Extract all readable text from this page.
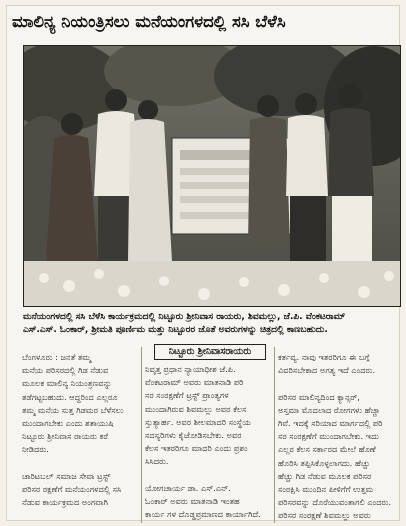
ಮಾಲಿನ್ಯ ನಿಯಂತ್ರಿಸಲು ಮನೆಯಂಗಳದಲ್ಲಿ ಸಸಿ ಬೆಳೆಸಿ
ಮನೆಯಂಗಳದಲ್ಲಿ ಸಸಿ ಬೆಳೆಸಿ ಕಾರ್ಯಕ್ರಮದಲ್ಲಿ ನಿಟ್ಟೂರು ಶ್ರೀನಿವಾಸ ರಾಯರು, ಶಿವಮಲ್ಲು, ಜೆ.ಪಿ. ವೆಂಕಟರಾಮ್
ಎಸ್.ಎಸ್. ಓಂಕಾರ್, ಶ್ರೀಮತಿ ಪೂರ್ಣಿಮ ಮತ್ತು ನಿಟ್ಟೂರರ ಜೊತೆ ಅವರುಗಳನ್ನು ಚಿತ್ರದಲ್ಲಿ ಕಾಣಬಹುದು.
ನಿಟ್ಟೂರು ಶ್ರೀನಿವಾಸರಾಯರು
ಬೆಂಗಳೂರು : ಜನತೆ ತಮ್ಮ
ಮನೆಯ ಪರಿಸರದಲ್ಲಿ ಗಿಡ ನೆಡುವ
ಮೂಲಕ ಮಾಲಿನ್ಯ ನಿಯಂತ್ರಣವನ್ನು
ತಡೆಗಟ್ಟಬಹುದು. ಆದ್ದರಿಂದ ಎಲ್ಲರೂ
ತಮ್ಮ ಮನೆಯ ಸುತ್ತ ಗಿಡಮರ ಬೆಳೆಸಲು
ಮುಂದಾಗಬೇಕು ಎಂದು ಶತಾಯುಷಿ
ನಿಟ್ಟೂರು ಶ್ರೀನಿವಾಸ ರಾಯರು ಕರೆ
ನೀಡಿದರು.

ಚಾರಿಟಬಲ್ ಸಮಾಜ ಸೇವಾ ಟ್ರಸ್ಟ್
ಪರಿಸರ ರಕ್ಷಣೆಗೆ ಮನೆಯಂಗಳದಲ್ಲಿ ಸಸಿ
ನೆಡುವ ಕಾರ್ಯಕ್ರಮದ ಅಂಗವಾಗಿ
ನಿವೃತ್ತ ಪ್ರಧಾನ ನ್ಯಾಯಾಧೀಶ ಜೆ.ಪಿ.
ವೆಂಕಟರಾಮ್ ಅವರು ಮಾತನಾಡಿ ಪರಿ
ಸರ ಸಂರಕ್ಷಣೆಗೆ ಟ್ರಸ್ಟ್ ಪ್ರಾಂತ್ಯಗಳ
ಮುಂದಾಗಿರುವ ಶಿವಮಲ್ಲು ಅವರ ಕೆಲಸ
ಸ್ತುತ್ಯಾರ್ಹ. ಅವರ ಶೀಲಮಾದರಿ ಸಂಸ್ಥೆಯ
ಸದಸ್ಯರಿಗಳು ಕೈಜೋಡಿಸಬೇಕು. ಅವರ
ಕೆಲಸ ಇತರರಿಗೂ ಮಾದರಿ ಎಂದು ಪ್ರಶಂ
ಸಿಸಿದರು.

ಯೋಗಚಾರ್ಯ ಡಾ. ಎಸ್.ಎನ್.
ಓಂಕಾರ್ ಅವರು ಮಾತನಾಡಿ ಇಂತಹ
ಕಾರ್ಯ ಗಳ ದೊಡ್ಡಪ್ರಮಾಣದ ಕಾರ್ಯಾಗಿದೆ.
ಕರ್ತವ್ಯ. ನಾವು ಇತರರಿಗೂ ಈ ಬಗ್ಗೆ
ವಿವರಿಸಬೇಕಾದ ಅಗತ್ಯ ಇದೆ ಎಂದರು.

ಪರಿಸರ ಮಾಲಿನ್ಯದಿಂದ ಕ್ಯಾನ್ಸರ್,
ಅಸ್ತಮಾ ಮೊದಲಾದ ರೋಗಗಳು ಹೆಚ್ಚಾ
ಗಿವೆ. ಇದಕ್ಕೆ ಸರಿಯಾದ ಮಾರ್ಗದಲ್ಲಿ ಪರಿ
ಸರ ಸಂರಕ್ಷಣೆಗೆ ಮುಂದಾಗಬೇಕು. ಇದು
ಎಲ್ಲರ ಕೆಲಸ ಸರ್ಕಾರದ ಮೇಲೆ ಹೊಣೆ
ಹೊರಿಸಿ ತಪ್ಪಿಸಿಕೊಳ್ಳಲಾಗದು. ಹೆಚ್ಚು
ಹೆಚ್ಚು ಗಿಡ ನೆಡುವ ಮೂಲಕ ಪರಿಸರ
ಸಂರಕ್ಷಿಸಿ ಮುಂದಿನ ಪೀಳಿಗೆಗೆ ಉತ್ತಮ
ಪರಿಸರವನ್ನು ದೊರೆಯುವಂತಾಗಲಿ ಎಂದರು.
ಪರಿಸರ ಸಂರಕ್ಷಣೆ ಶಿವಮಲ್ಲು ಅವರು
